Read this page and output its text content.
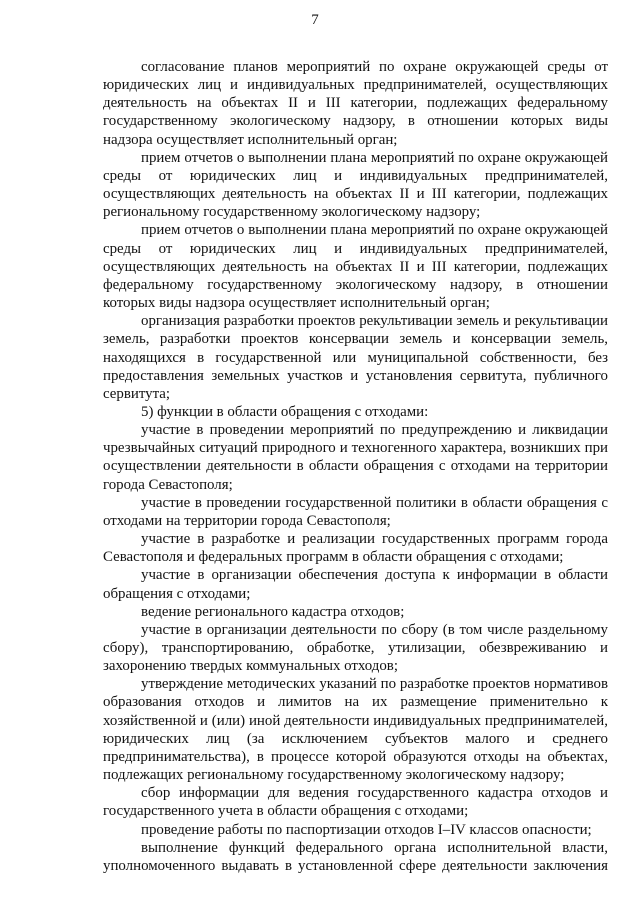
7

согласование планов мероприятий по охране окружающей среды от юридических лиц и индивидуальных предпринимателей, осуществляющих деятельность на объектах II и III категории, подлежащих федеральному государственному экологическому надзору, в отношении которых виды надзора осуществляет исполнительный орган;

прием отчетов о выполнении плана мероприятий по охране окружающей среды от юридических лиц и индивидуальных предпринимателей, осуществляющих деятельность на объектах II и III категории, подлежащих региональному государственному экологическому надзору;

прием отчетов о выполнении плана мероприятий по охране окружающей среды от юридических лиц и индивидуальных предпринимателей, осуществляющих деятельность на объектах II и III категории, подлежащих федеральному государственному экологическому надзору, в отношении которых виды надзора осуществляет исполнительный орган;

организация разработки проектов рекультивации земель и рекультивации земель, разработки проектов консервации земель и консервации земель, находящихся в государственной или муниципальной собственности, без предоставления земельных участков и установления сервитута, публичного сервитута;

5) функции в области обращения с отходами:

участие в проведении мероприятий по предупреждению и ликвидации чрезвычайных ситуаций природного и техногенного характера, возникших при осуществлении деятельности в области обращения с отходами на территории города Севастополя;

участие в проведении государственной политики в области обращения с отходами на территории города Севастополя;

участие в разработке и реализации государственных программ города Севастополя и федеральных программ в области обращения с отходами;

участие в организации обеспечения доступа к информации в области обращения с отходами;

ведение регионального кадастра отходов;

участие в организации деятельности по сбору (в том числе раздельному сбору), транспортированию, обработке, утилизации, обезвреживанию и захоронению твердых коммунальных отходов;

утверждение методических указаний по разработке проектов нормативов образования отходов и лимитов на их размещение применительно к хозяйственной и (или) иной деятельности индивидуальных предпринимателей, юридических лиц (за исключением субъектов малого и среднего предпринимательства), в процессе которой образуются отходы на объектах, подлежащих региональному государственному экологическому надзору;

сбор информации для ведения государственного кадастра отходов и государственного учета в области обращения с отходами;

проведение работы по паспортизации отходов I–IV классов опасности;

выполнение функций федерального органа исполнительной власти, уполномоченного выдавать в установленной сфере деятельности заключения
